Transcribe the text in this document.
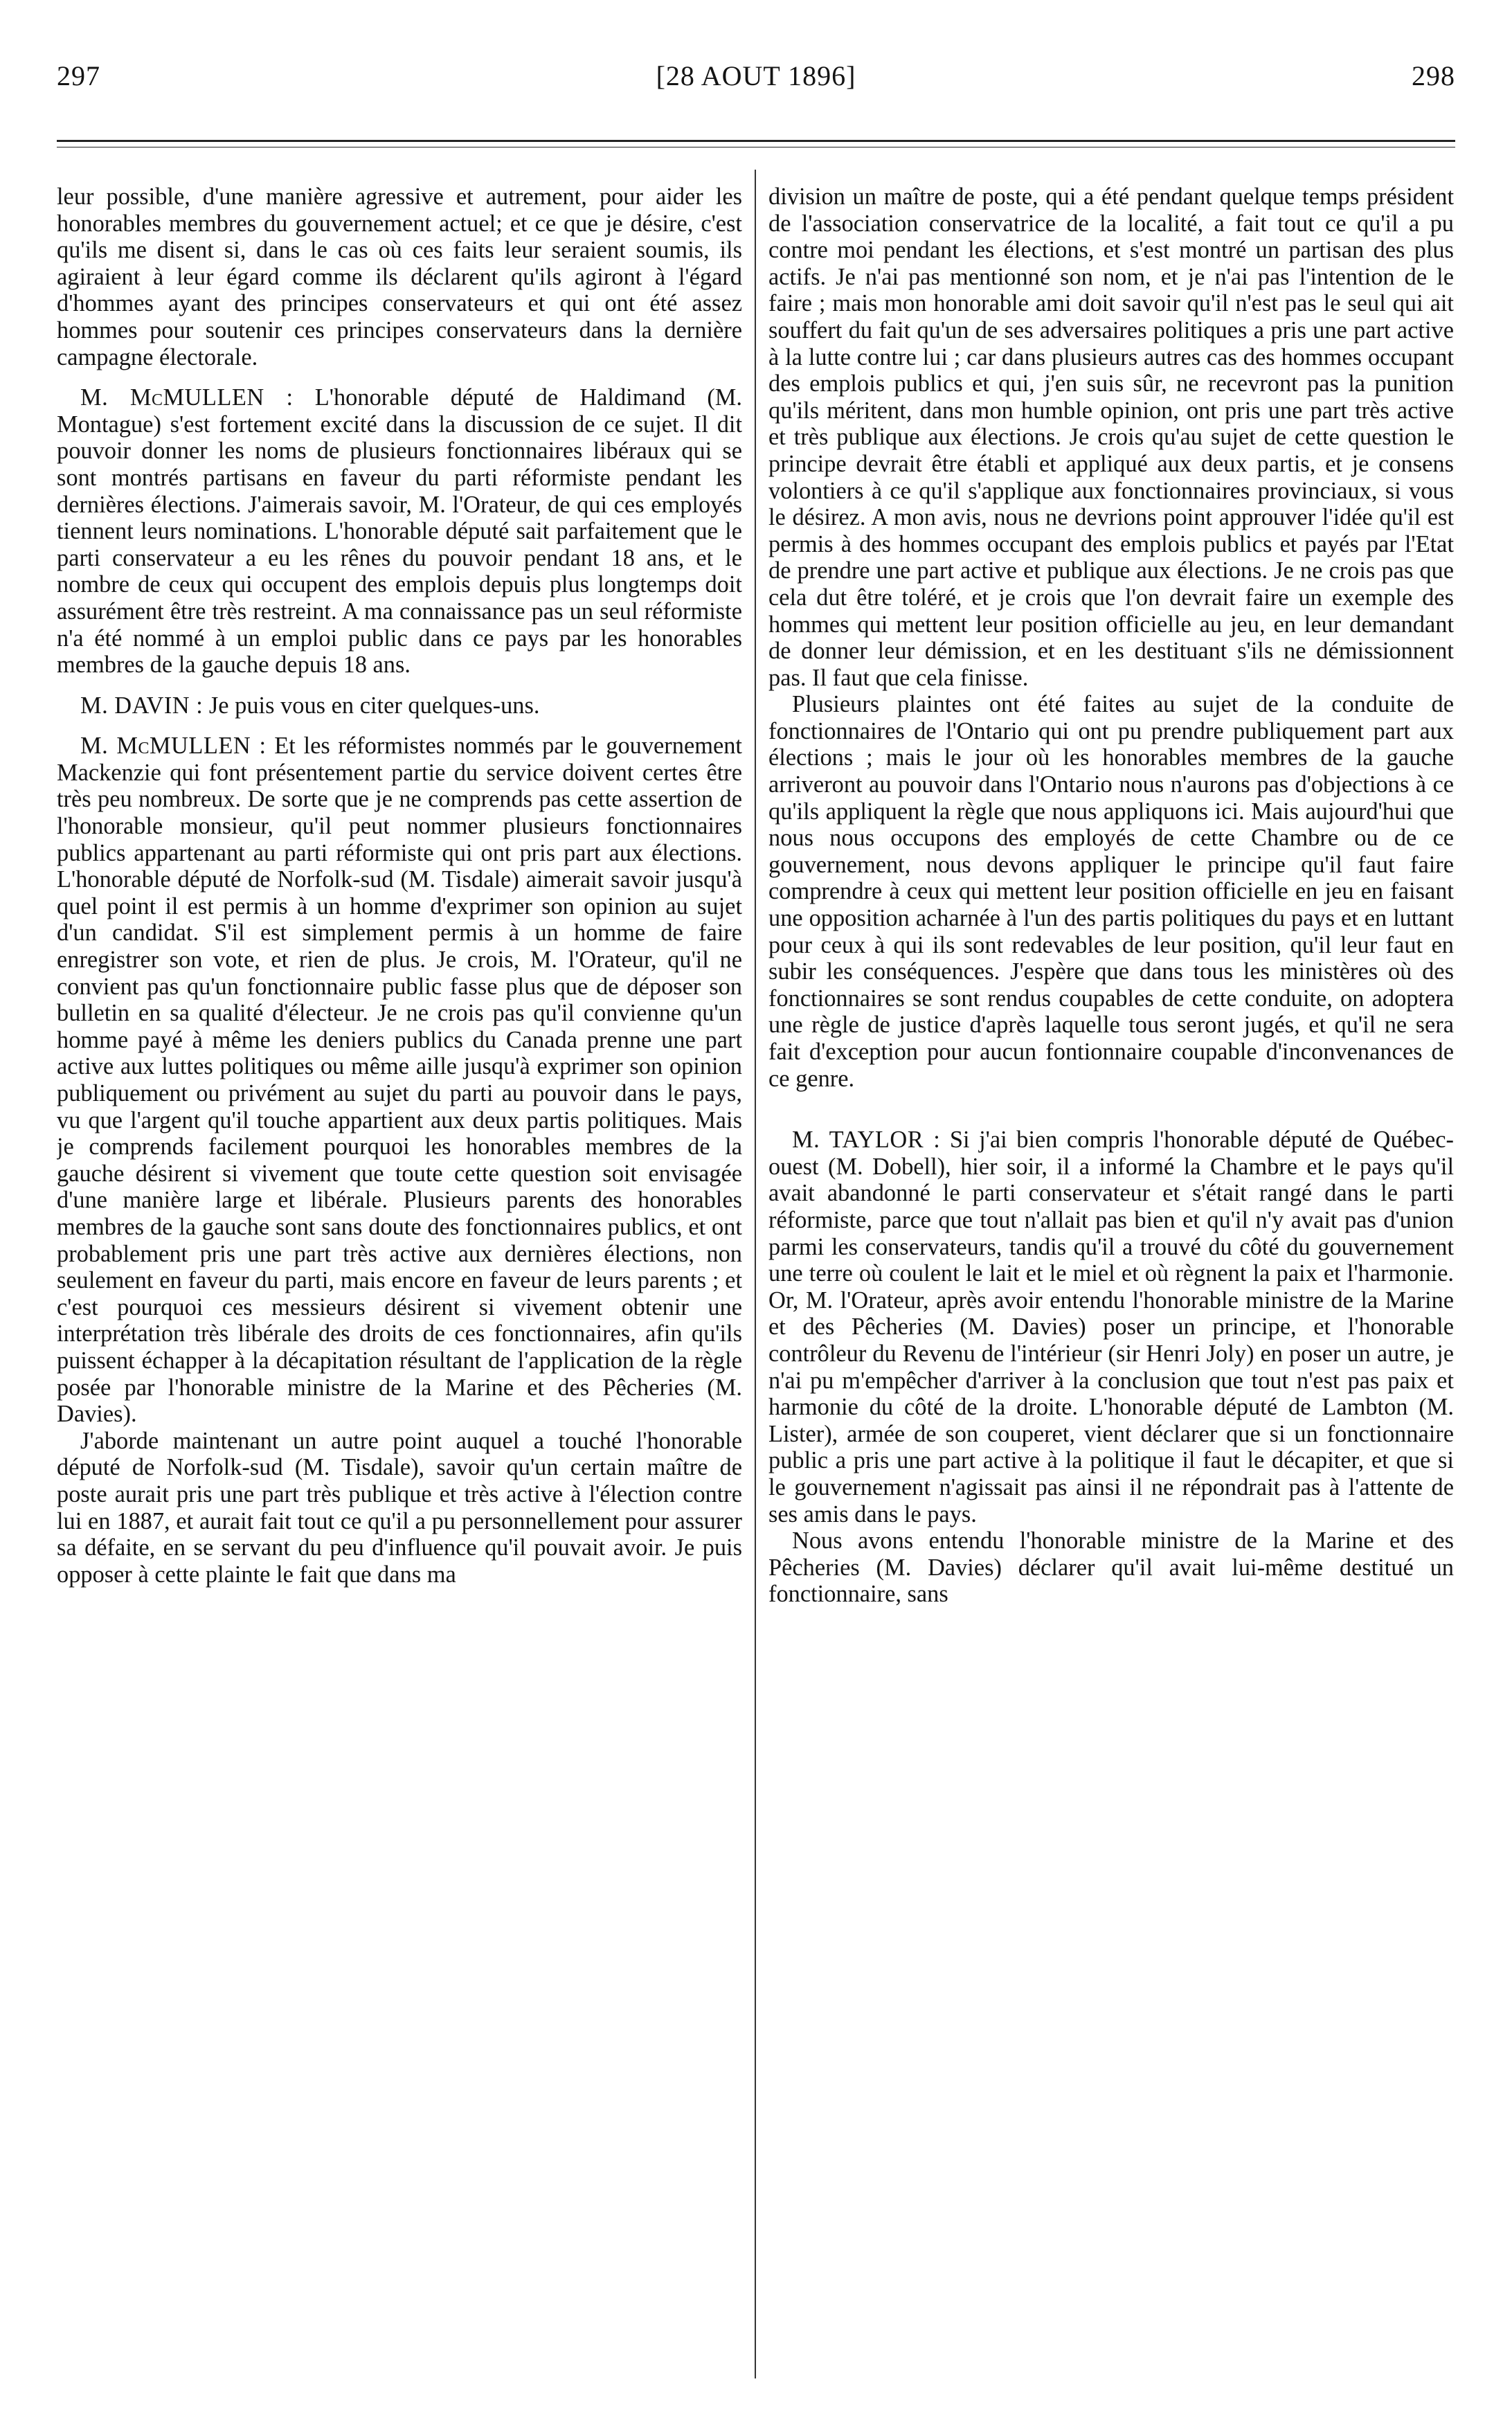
297	[28 AOUT 1896]	298

leur possible, d'une manière agressive et autrement, pour aider les honorables membres du gouvernement actuel; et ce que je désire, c'est qu'ils me disent si, dans le cas où ces faits leur seraient soumis, ils agiraient à leur égard comme ils déclarent qu'ils agiront à l'égard d'hommes ayant des principes conservateurs et qui ont été assez hommes pour soutenir ces principes conservateurs dans la dernière campagne électorale.

M. McMULLEN : L'honorable député de Haldimand (M. Montague) s'est fortement excité dans la discussion de ce sujet. Il dit pouvoir donner les noms de plusieurs fonctionnaires libéraux qui se sont montrés partisans en faveur du parti réformiste pendant les dernières élections. J'aimerais savoir, M. l'Orateur, de qui ces employés tiennent leurs nominations. L'honorable député sait parfaitement que le parti conservateur a eu les rênes du pouvoir pendant 18 ans, et le nombre de ceux qui occupent des emplois depuis plus longtemps doit assurément être très restreint. A ma connaissance pas un seul réformiste n'a été nommé à un emploi public dans ce pays par les honorables membres de la gauche depuis 18 ans.

M. DAVIN : Je puis vous en citer quelques-uns.

M. McMULLEN : Et les réformistes nommés par le gouvernement Mackenzie qui font présentement partie du service doivent certes être très peu nombreux. De sorte que je ne comprends pas cette assertion de l'honorable monsieur, qu'il peut nommer plusieurs fonctionnaires publics appartenant au parti réformiste qui ont pris part aux élections. L'honorable député de Norfolk-sud (M. Tisdale) aimerait savoir jusqu'à quel point il est permis à un homme d'exprimer son opinion au sujet d'un candidat. S'il est simplement permis à un homme de faire enregistrer son vote, et rien de plus. Je crois, M. l'Orateur, qu'il ne convient pas qu'un fonctionnaire public fasse plus que de déposer son bulletin en sa qualité d'électeur. Je ne crois pas qu'il convienne qu'un homme payé à même les deniers publics du Canada prenne une part active aux luttes politiques ou même aille jusqu'à exprimer son opinion publiquement ou privément au sujet du parti au pouvoir dans le pays, vu que l'argent qu'il touche appartient aux deux partis politiques. Mais je comprends facilement pourquoi les honorables membres de la gauche désirent si vivement que toute cette question soit envisagée d'une manière large et libérale. Plusieurs parents des honorables membres de la gauche sont sans doute des fonctionnaires publics, et ont probablement pris une part très active aux dernières élections, non seulement en faveur du parti, mais encore en faveur de leurs parents ; et c'est pourquoi ces messieurs désirent si vivement obtenir une interprétation très libérale des droits de ces fonctionnaires, afin qu'ils puissent échapper à la décapitation résultant de l'application de la règle posée par l'honorable ministre de la Marine et des Pêcheries (M. Davies).

J'aborde maintenant un autre point auquel a touché l'honorable député de Norfolk-sud (M. Tisdale), savoir qu'un certain maître de poste aurait pris une part très publique et très active à l'élection contre lui en 1887, et aurait fait tout ce qu'il a pu personnellement pour assurer sa défaite, en se servant du peu d'influence qu'il pouvait avoir. Je puis opposer à cette plainte le fait que dans ma

division un maître de poste, qui a été pendant quelque temps président de l'association conservatrice de la localité, a fait tout ce qu'il a pu contre moi pendant les élections, et s'est montré un partisan des plus actifs. Je n'ai pas mentionné son nom, et je n'ai pas l'intention de le faire ; mais mon honorable ami doit savoir qu'il n'est pas le seul qui ait souffert du fait qu'un de ses adversaires politiques a pris une part active à la lutte contre lui ; car dans plusieurs autres cas des hommes occupant des emplois publics et qui, j'en suis sûr, ne recevront pas la punition qu'ils méritent, dans mon humble opinion, ont pris une part très active et très publique aux élections. Je crois qu'au sujet de cette question le principe devrait être établi et appliqué aux deux partis, et je consens volontiers à ce qu'il s'applique aux fonctionnaires provinciaux, si vous le désirez. A mon avis, nous ne devrions point approuver l'idée qu'il est permis à des hommes occupant des emplois publics et payés par l'Etat de prendre une part active et publique aux élections. Je ne crois pas que cela dut être toléré, et je crois que l'on devrait faire un exemple des hommes qui mettent leur position officielle au jeu, en leur demandant de donner leur démission, et en les destituant s'ils ne démissionnent pas. Il faut que cela finisse.

Plusieurs plaintes ont été faites au sujet de la conduite de fonctionnaires de l'Ontario qui ont pu prendre publiquement part aux élections ; mais le jour où les honorables membres de la gauche arriveront au pouvoir dans l'Ontario nous n'aurons pas d'objections à ce qu'ils appliquent la règle que nous appliquons ici. Mais aujourd'hui que nous nous occupons des employés de cette Chambre ou de ce gouvernement, nous devons appliquer le principe qu'il faut faire comprendre à ceux qui mettent leur position officielle en jeu en faisant une opposition acharnée à l'un des partis politiques du pays et en luttant pour ceux à qui ils sont redevables de leur position, qu'il leur faut en subir les conséquences. J'espère que dans tous les ministères où des fonctionnaires se sont rendus coupables de cette conduite, on adoptera une règle de justice d'après laquelle tous seront jugés, et qu'il ne sera fait d'exception pour aucun fontionnaire coupable d'inconvenances de ce genre.

M. TAYLOR : Si j'ai bien compris l'honorable député de Québec-ouest (M. Dobell), hier soir, il a informé la Chambre et le pays qu'il avait abandonné le parti conservateur et s'était rangé dans le parti réformiste, parce que tout n'allait pas bien et qu'il n'y avait pas d'union parmi les conservateurs, tandis qu'il a trouvé du côté du gouvernement une terre où coulent le lait et le miel et où règnent la paix et l'harmonie. Or, M. l'Orateur, après avoir entendu l'honorable ministre de la Marine et des Pêcheries (M. Davies) poser un principe, et l'honorable contrôleur du Revenu de l'intérieur (sir Henri Joly) en poser un autre, je n'ai pu m'empêcher d'arriver à la conclusion que tout n'est pas paix et harmonie du côté de la droite. L'honorable député de Lambton (M. Lister), armée de son couperet, vient déclarer que si un fonctionnaire public a pris une part active à la politique il faut le décapiter, et que si le gouvernement n'agissait pas ainsi il ne répondrait pas à l'attente de ses amis dans le pays.

Nous avons entendu l'honorable ministre de la Marine et des Pêcheries (M. Davies) déclarer qu'il avait lui-même destitué un fonctionnaire, sans
